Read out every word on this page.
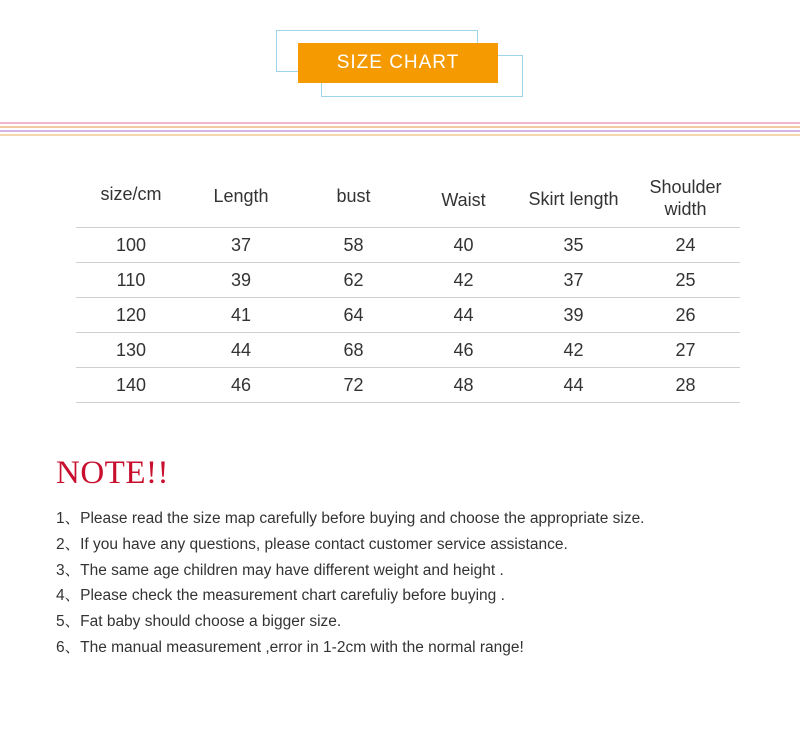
SIZE CHART
size/cm	Length	bust	Waist	Skirt length	Shoulder width
100	37	58	40	35	24
110	39	62	42	37	25
120	41	64	44	39	26
130	44	68	46	42	27
140	46	72	48	44	28
NOTE!!
1、Please read the size map carefully before buying and choose the appropriate size.
2、If you have any questions, please contact customer service assistance.
3、The same age children may have different weight and height .
4、Please check the measurement chart carefuliy before buying .
5、Fat baby should choose a bigger size.
6、The manual measurement ,error in 1-2cm with the normal range!
